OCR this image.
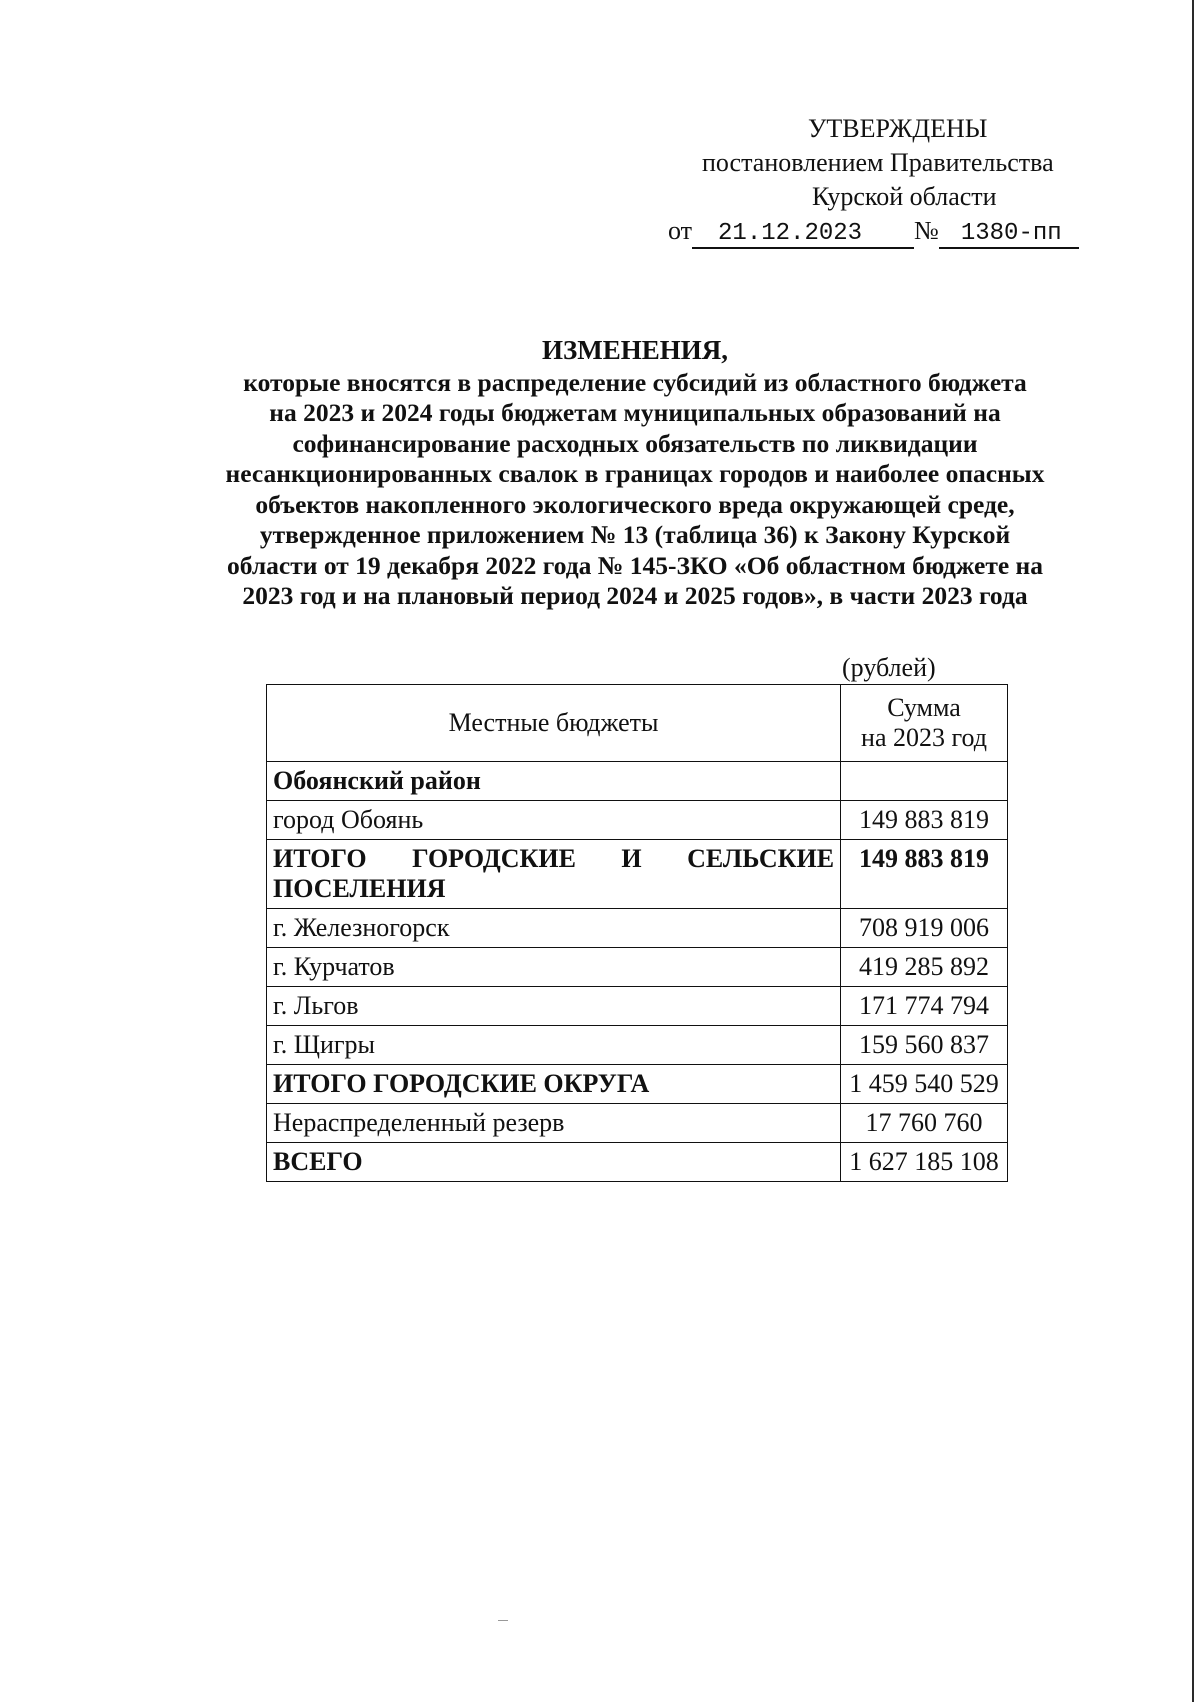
УТВЕРЖДЕНЫ
постановлением Правительства
Курской области
от 21.12.2023 № 1380-пп
ИЗМЕНЕНИЯ,
которые вносятся в распределение субсидий из областного бюджета
на 2023 и 2024 годы бюджетам муниципальных образований на
софинансирование расходных обязательств по ликвидации
несанкционированных свалок в границах городов и наиболее опасных
объектов накопленного экологического вреда окружающей среде,
утвержденное приложением № 13 (таблица 36) к Закону Курской
области от 19 декабря 2022 года № 145-ЗКО «Об областном бюджете на
2023 год и на плановый период 2024 и 2025 годов», в части 2023 года
(рублей)
Местные бюджеты	Сумма
на 2023 год

Обоянский район	
город Обоянь	149 883 819
ИТОГО ГОРОДСКИЕ И СЕЛЬСКИЕ ПОСЕЛЕНИЯ	149 883 819
г. Железногорск	708 919 006
г. Курчатов	419 285 892
г. Льгов	171 774 794
г. Щигры	159 560 837
ИТОГО ГОРОДСКИЕ ОКРУГА	1 459 540 529
Нераспределенный резерв	17 760 760
ВСЕГО	1 627 185 108
